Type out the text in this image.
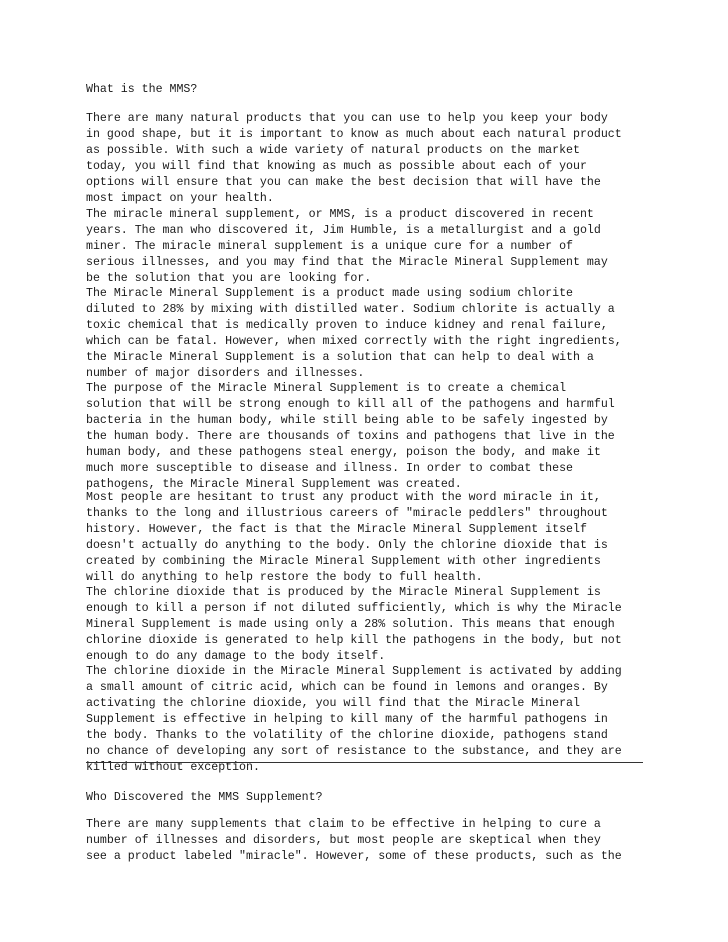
What is the MMS?

There are many natural products that you can use to help you keep your body
in good shape, but it is important to know as much about each natural product
as possible. With such a wide variety of natural products on the market
today, you will find that knowing as much as possible about each of your
options will ensure that you can make the best decision that will have the
most impact on your health.

The miracle mineral supplement, or MMS, is a product discovered in recent
years. The man who discovered it, Jim Humble, is a metallurgist and a gold
miner. The miracle mineral supplement is a unique cure for a number of
serious illnesses, and you may find that the Miracle Mineral Supplement may
be the solution that you are looking for.

The Miracle Mineral Supplement is a product made using sodium chlorite
diluted to 28% by mixing with distilled water. Sodium chlorite is actually a
toxic chemical that is medically proven to induce kidney and renal failure,
which can be fatal. However, when mixed correctly with the right ingredients,
the Miracle Mineral Supplement is a solution that can help to deal with a
number of major disorders and illnesses.

The purpose of the Miracle Mineral Supplement is to create a chemical
solution that will be strong enough to kill all of the pathogens and harmful
bacteria in the human body, while still being able to be safely ingested by
the human body. There are thousands of toxins and pathogens that live in the
human body, and these pathogens steal energy, poison the body, and make it
much more susceptible to disease and illness. In order to combat these
pathogens, the Miracle Mineral Supplement was created.

Most people are hesitant to trust any product with the word miracle in it,
thanks to the long and illustrious careers of "miracle peddlers" throughout
history. However, the fact is that the Miracle Mineral Supplement itself
doesn't actually do anything to the body. Only the chlorine dioxide that is
created by combining the Miracle Mineral Supplement with other ingredients
will do anything to help restore the body to full health.

The chlorine dioxide that is produced by the Miracle Mineral Supplement is
enough to kill a person if not diluted sufficiently, which is why the Miracle
Mineral Supplement is made using only a 28% solution. This means that enough
chlorine dioxide is generated to help kill the pathogens in the body, but not
enough to do any damage to the body itself.

The chlorine dioxide in the Miracle Mineral Supplement is activated by adding
a small amount of citric acid, which can be found in lemons and oranges. By
activating the chlorine dioxide, you will find that the Miracle Mineral
Supplement is effective in helping to kill many of the harmful pathogens in
the body. Thanks to the volatility of the chlorine dioxide, pathogens stand
no chance of developing any sort of resistance to the substance, and they are
killed without exception.

Who Discovered the MMS Supplement?

There are many supplements that claim to be effective in helping to cure a
number of illnesses and disorders, but most people are skeptical when they
see a product labeled "miracle". However, some of these products, such as the
